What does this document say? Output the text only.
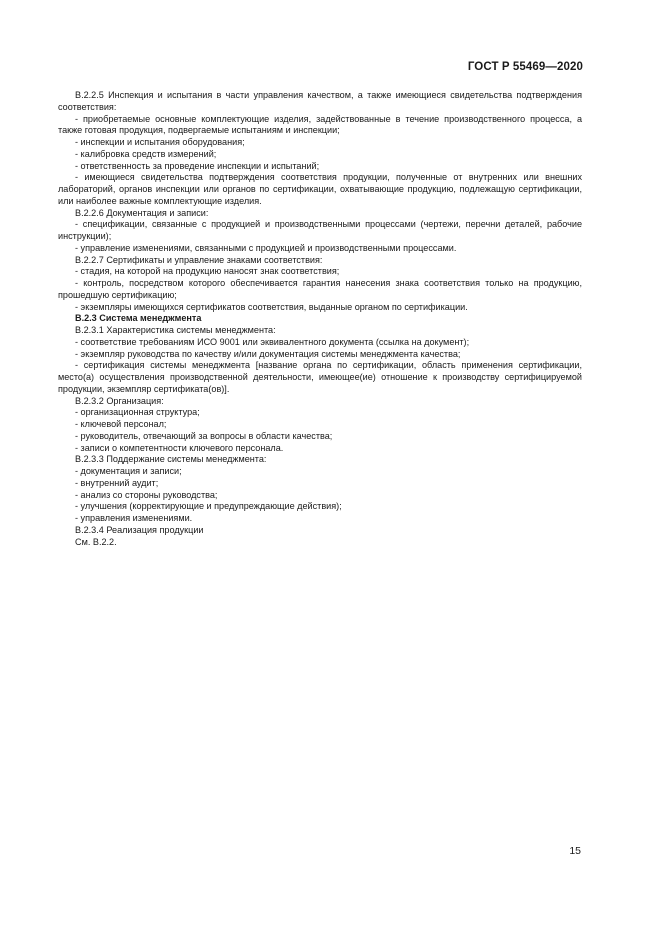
ГОСТ Р 55469—2020

В.2.2.5 Инспекция и испытания в части управления качеством, а также имеющиеся свидетельства подтверждения соответствия:

- приобретаемые основные комплектующие изделия, задействованные в течение производственного процесса, а также готовая продукция, подвергаемые испытаниям и инспекции;

- инспекции и испытания оборудования;

- калибровка средств измерений;

- ответственность за проведение инспекции и испытаний;

- имеющиеся свидетельства подтверждения соответствия продукции, полученные от внутренних или внешних лабораторий, органов инспекции или органов по сертификации, охватывающие продукцию, подлежащую сертификации, или наиболее важные комплектующие изделия.

В.2.2.6 Документация и записи:

- спецификации, связанные с продукцией и производственными процессами (чертежи, перечни деталей, рабочие инструкции);

- управление изменениями, связанными с продукцией и производственными процессами.

В.2.2.7 Сертификаты и управление знаками соответствия:

- стадия, на которой на продукцию наносят знак соответствия;

- контроль, посредством которого обеспечивается гарантия нанесения знака соответствия только на продукцию, прошедшую сертификацию;

- экземпляры имеющихся сертификатов соответствия, выданные органом по сертификации.

В.2.3 Система менеджмента

В.2.3.1 Характеристика системы менеджмента:

- соответствие требованиям ИСО 9001 или эквивалентного документа (ссылка на документ);

- экземпляр руководства по качеству и/или документация системы менеджмента качества;

- сертификация системы менеджмента [название органа по сертификации, область применения сертификации, место(а) осуществления производственной деятельности, имеющее(ие) отношение к производству сертифицируемой продукции, экземпляр сертификата(ов)].

В.2.3.2 Организация:

- организационная структура;

- ключевой персонал;

- руководитель, отвечающий за вопросы в области качества;

- записи о компетентности ключевого персонала.

В.2.3.3 Поддержание системы менеджмента:

- документация и записи;

- внутренний аудит;

- анализ со стороны руководства;

- улучшения (корректирующие и предупреждающие действия);

- управления изменениями.

В.2.3.4 Реализация продукции

См. В.2.2.

15
